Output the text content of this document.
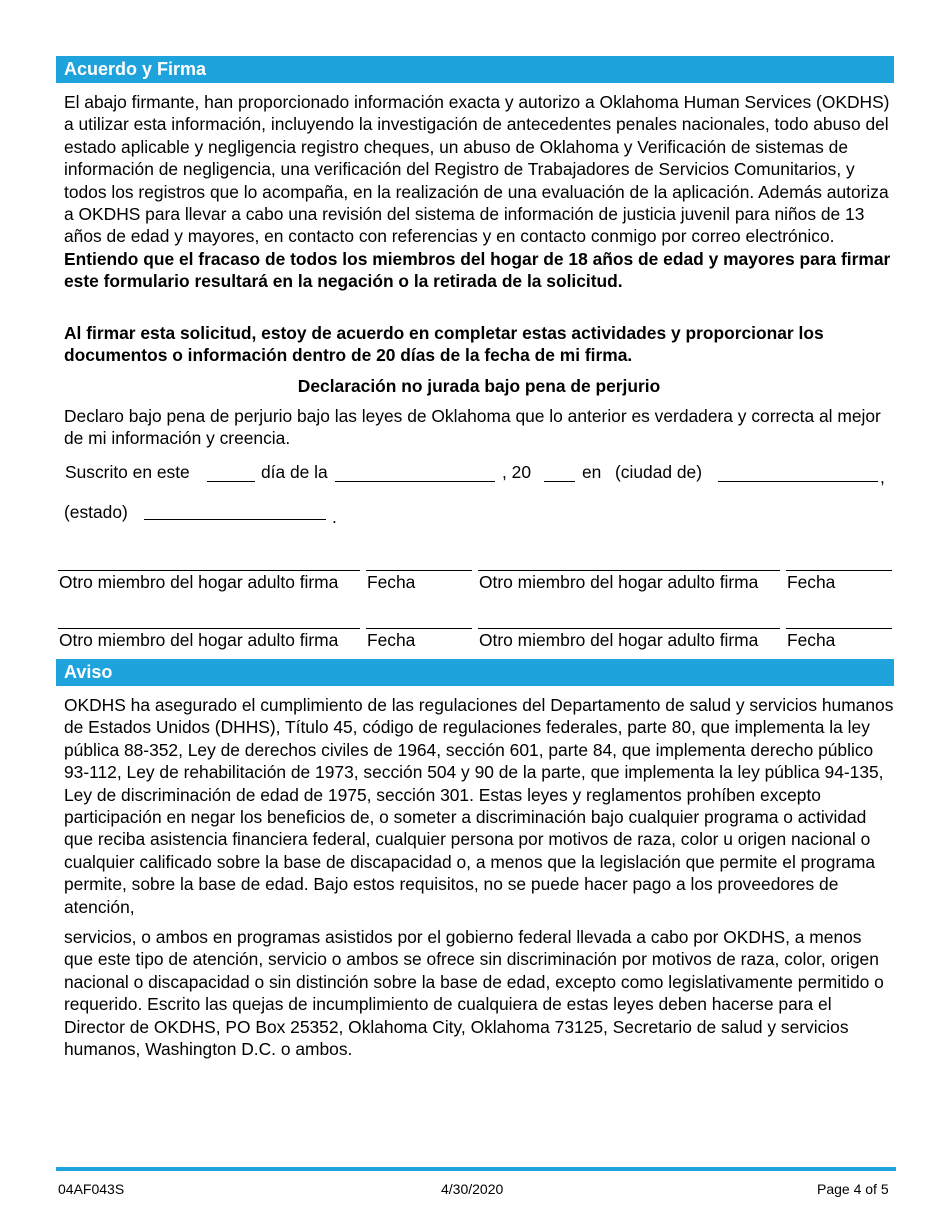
Acuerdo y Firma

El abajo firmante, han proporcionado información exacta y autorizo a Oklahoma Human Services (OKDHS) a utilizar esta información, incluyendo la investigación de antecedentes penales nacionales, todo abuso del estado aplicable y negligencia registro cheques, un abuso de Oklahoma y Verificación de sistemas de información de negligencia, una verificación del Registro de Trabajadores de Servicios Comunitarios, y todos los registros que lo acompaña, en la realización de una evaluación de la aplicación. Además autoriza a OKDHS para llevar a cabo una revisión del sistema de información de justicia juvenil para niños de 13 años de edad y mayores, en contacto con referencias y en contacto conmigo por correo electrónico. Entiendo que el fracaso de todos los miembros del hogar de 18 años de edad y mayores para firmar este formulario resultará en la negación o la retirada de la solicitud.

Al firmar esta solicitud, estoy de acuerdo en completar estas actividades y proporcionar los documentos o información dentro de 20 días de la fecha de mi firma.

Declaración no jurada bajo pena de perjurio

Declaro bajo pena de perjurio bajo las leyes de Oklahoma que lo anterior es verdadera y correcta al mejor de mi información y creencia.

Suscrito en este	día de la	, 20	en (ciudad de)	,
(estado)	.
Otro miembro del hogar adulto firma Fecha	Otro miembro del hogar adulto firma Fecha
Otro miembro del hogar adulto firma Fecha	Otro miembro del hogar adulto firma Fecha
Aviso

OKDHS ha asegurado el cumplimiento de las regulaciones del Departamento de salud y servicios humanos de Estados Unidos (DHHS), Título 45, código de regulaciones federales, parte 80, que implementa la ley pública 88-352, Ley de derechos civiles de 1964, sección 601, parte 84, que implementa derecho público 93-112, Ley de rehabilitación de 1973, sección 504 y 90 de la parte, que implementa la ley pública 94-135, Ley de discriminación de edad de 1975, sección 301. Estas leyes y reglamentos prohíben excepto participación en negar los beneficios de, o someter a discriminación bajo cualquier programa o actividad que reciba asistencia financiera federal, cualquier persona por motivos de raza, color u origen nacional o cualquier calificado sobre la base de discapacidad o, a menos que la legislación que permite el programa permite, sobre la base de edad. Bajo estos requisitos, no se puede hacer pago a los proveedores de atención,

servicios, o ambos en programas asistidos por el gobierno federal llevada a cabo por OKDHS, a menos que este tipo de atención, servicio o ambos se ofrece sin discriminación por motivos de raza, color, origen nacional o discapacidad o sin distinción sobre la base de edad, excepto como legislativamente permitido o requerido. Escrito las quejas de incumplimiento de cualquiera de estas leyes deben hacerse para el Director de OKDHS, PO Box 25352, Oklahoma City, Oklahoma 73125, Secretario de salud y servicios humanos, Washington D.C. o ambos.

04AF043S	4/30/2020	Page 4 of 5
